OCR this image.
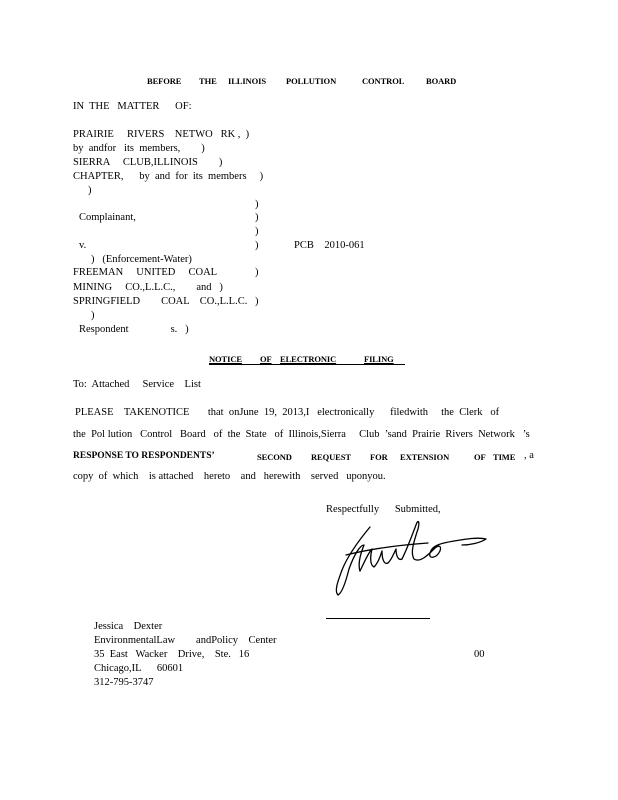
BEFORE THE ILLINOIS POLLUTION	CONTROL	BOARD
IN  THE   MATTER      OF:
PRAIRIE     RIVERS    NETWO   RK ,  )
by  andfor   its  members,        )
SIERRA     CLUB,ILLINOIS        )
CHAPTER,      by  and  for  its  members     )
)
)
Complainant,	)
)
v.	)	PCB    2010-061
)   (Enforcement-Water)
FREEMAN     UNITED     COAL	)
MINING     CO.,L.L.C.,        and   )
SPRINGFIELD        COAL    CO.,L.L.C. )
)
Respondent                s.   )
NOTICE OF ELECTRONIC	FILING
To:  Attached     Service    List
PLEASE    TAKENOTICE       that  onJune  19,  2013,I   electronically      filedwith     the  Clerk   of
the  Pol lution   Control   Board   of  the  State   of  Illinois,Sierra     Club  ’sand  Prairie  Rivers  Network   ’s
RESPONSE TO RESPONDENTS’	SECOND REQUEST FOR EXTENSION	OF TIME , a
copy  of  which    is attached    hereto    and   herewith    served   uponyou.
Respectfully      Submitted,
Jessica    Dexter
EnvironmentalLaw        andPolicy    Center
35  East   Wacker    Drive,    Ste.   16	00
Chicago,IL      60601
312-795-3747
